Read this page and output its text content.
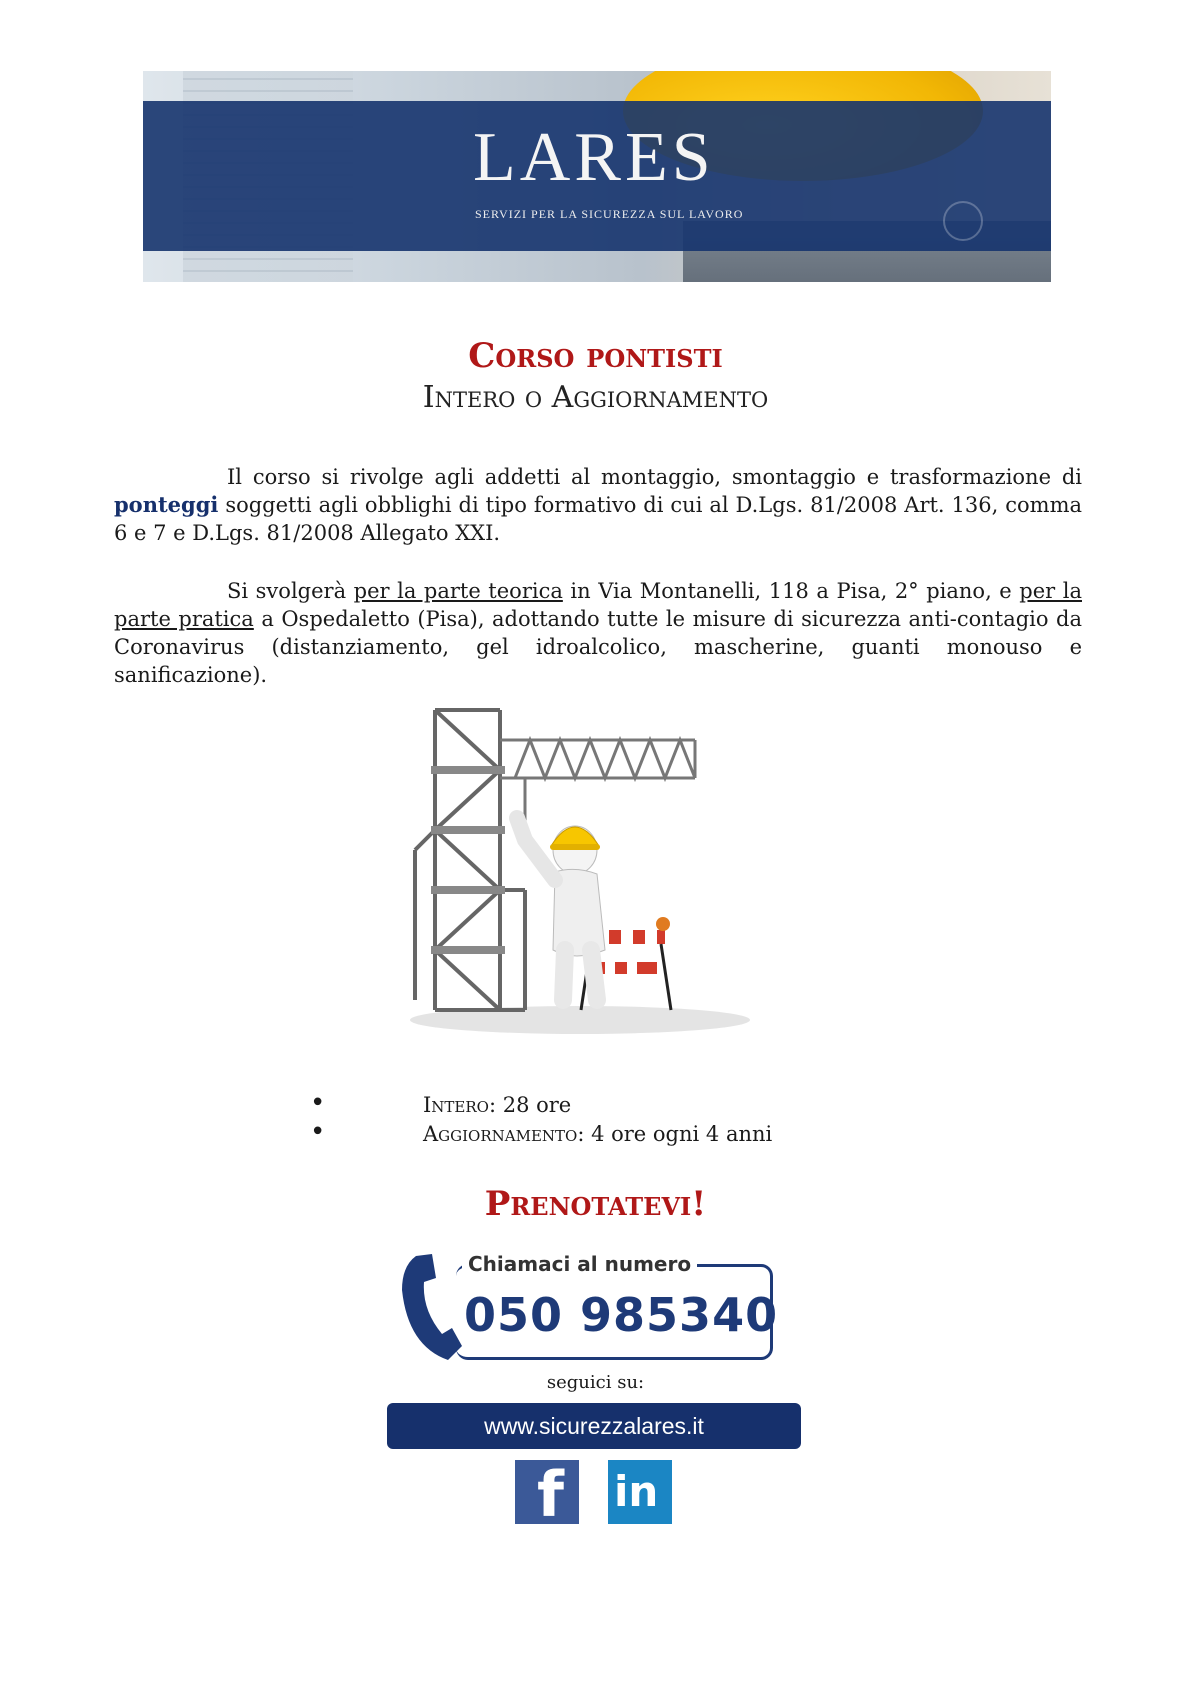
LARES
SERVIZI PER LA SICUREZZA SUL LAVORO
Corso pontisti
Intero o Aggiornamento
Il corso si rivolge agli addetti al montaggio, smontaggio e trasformazione di ponteggi soggetti agli obblighi di tipo formativo di cui al D.Lgs. 81/2008 Art. 136, comma 6 e 7 e D.Lgs. 81/2008 Allegato XXI.
Si svolgerà per la parte teorica in Via Montanelli, 118 a Pisa, 2° piano, e per la parte pratica a Ospedaletto (Pisa), adottando tutte le misure di sicurezza anti-contagio da Coronavirus (distanziamento, gel idroalcolico, mascherine, guanti monouso e sanificazione).
•	Intero: 28 ore
•	Aggiornamento: 4 ore ogni 4 anni
Prenotatevi!
Chiamaci al numero
050 985340
seguici su:
www.sicurezzalares.it
f in
